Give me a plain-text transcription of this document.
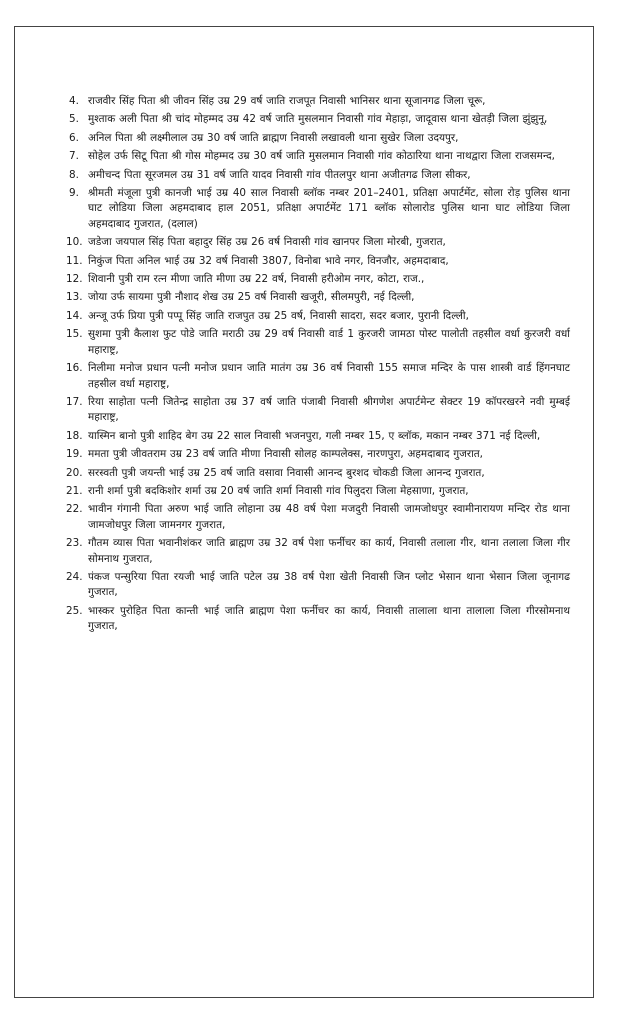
4. राजवीर सिंह पिता श्री जीवन सिंह उम्र 29 वर्ष जाति राजपूत निवासी भानिसर थाना सूजानगढ जिला चूरू,
5. मुश्ताक अली पिता श्री चांद मोहम्मद उम्र 42 वर्ष जाति मुसलमान निवासी गांव मेहाड़ा, जादूवास थाना खेतड़ी जिला झुंझुनू,
6. अनिल पिता श्री लक्ष्मीलाल उम्र 30 वर्ष जाति ब्राह्मण निवासी लखावली थाना सुखेर जिला उदयपुर,
7. सोहेल उर्फ सिटू पिता श्री गोस मोहम्मद उम्र 30 वर्ष जाति मुसलमान निवासी गांव कोठारिया थाना नाथद्वारा जिला राजसमन्द,
8. अमीचन्द पिता सूरजमल उम्र 31 वर्ष जाति यादव निवासी गांव पीतलपुर थाना अजीतगढ जिला सीकर,
9. श्रीमती मंजूला पुत्री कानजी भाई उम्र 40 साल निवासी ब्लॉक नम्बर 201–2401, प्रतिक्षा अपार्टमेंट, सोला रोड़ पुलिस थाना घाट लोडिया जिला अहमदाबाद हाल 2051, प्रतिक्षा अपार्टमेंट 171 ब्लॉक सोलारोड पुलिस थाना घाट लोडिया जिला अहमदाबाद गुजरात, (दलाल)
10. जडेजा जयपाल सिंह पिता बहादुर सिंह उम्र 26 वर्ष निवासी गांव खानपर जिला मोरबी, गुजरात,
11. निकुंज पिता अनिल भाई उम्र 32 वर्ष निवासी 3807, विनोबा भावे नगर, विनजौर, अहमदाबाद,
12. शिवानी पुत्री राम रत्न मीणा जाति मीणा उम्र 22 वर्ष, निवासी हरीओम नगर, कोटा, राज.,
13. जोया उर्फ सायमा पुत्री नौशाद शेख उम्र 25 वर्ष निवासी खजूरी, सीलमपुरी, नई दिल्ली,
14. अन्जू उर्फ प्रिया पुत्री पप्पू सिंह जाति राजपुत उम्र 25 वर्ष, निवासी सादरा, सदर बजार, पुरानी दिल्ली,
15. सुशमा पुत्री कैलाश फुट पोडे जाति मराठी उम्र 29 वर्ष निवासी वार्ड 1 कुरजरी जामठा पोस्ट पालोती तहसील वर्धा कुरजरी वर्धा महाराष्ट्र,
16. निलीमा मनोज प्रधान पत्नी मनोज प्रधान जाति मातंग उम्र 36 वर्ष निवासी 155 समाज मन्दिर के पास शास्त्री वार्ड हिंगनघाट तहसील वर्धा महाराष्ट्र,
17. रिया साहोता पत्नी जितेन्द्र साहोता उम्र 37 वर्ष जाति पंजाबी निवासी श्रीगणेश अपार्टमेन्ट सेक्टर 19 कॉपरखरने नवी मुम्बई महाराष्ट्र,
18. यास्मिन बानो पुत्री शाहिद बेग उम्र 22 साल निवासी भजनपुरा, गली नम्बर 15, ए ब्लॉक, मकान नम्बर 371 नई दिल्ली,
19. ममता पुत्री जीवतराम उम्र 23 वर्ष जाति मीणा निवासी सोलह काम्पलेक्स, नारणपुरा, अहमदाबाद गुजरात,
20. सरस्वती पुत्री जयन्ती भाई उम्र 25 वर्ष जाति वसावा निवासी आनन्द बुरशद चोकडी जिला आनन्द गुजरात,
21. रानी शर्मा पुत्री बदकिशोर शर्मा उम्र 20 वर्ष जाति शर्मा निवासी गांव पिलुदरा जिला मेहसाणा, गुजरात,
22. भावीन गंगानी पिता अरुण भाई जाति लोहाना उम्र 48 वर्ष पेशा मजदुरी निवासी जामजोधपुर स्वामीनारायण मन्दिर रोड थाना जामजोधपुर जिला जामनगर गुजरात,
23. गौतम व्यास पिता भवानीशंकर जाति ब्राह्मण उम्र 32 वर्ष पेशा फर्नीचर का कार्य, निवासी तलाला गीर, थाना तलाला जिला गीर सोमनाथ गुजरात,
24. पंकज पन्सुरिया पिता रयजी भाई जाति पटेल उम्र 38 वर्ष पेशा खेती निवासी जिन प्लोट भेसान थाना भेसान जिला जूनागढ गुजरात,
25. भास्कर पुरोहित पिता कान्ती भाई जाति ब्राह्मण पेशा फर्नीचर का कार्य, निवासी तालाला थाना तालाला जिला गीरसोमनाथ गुजरात,
